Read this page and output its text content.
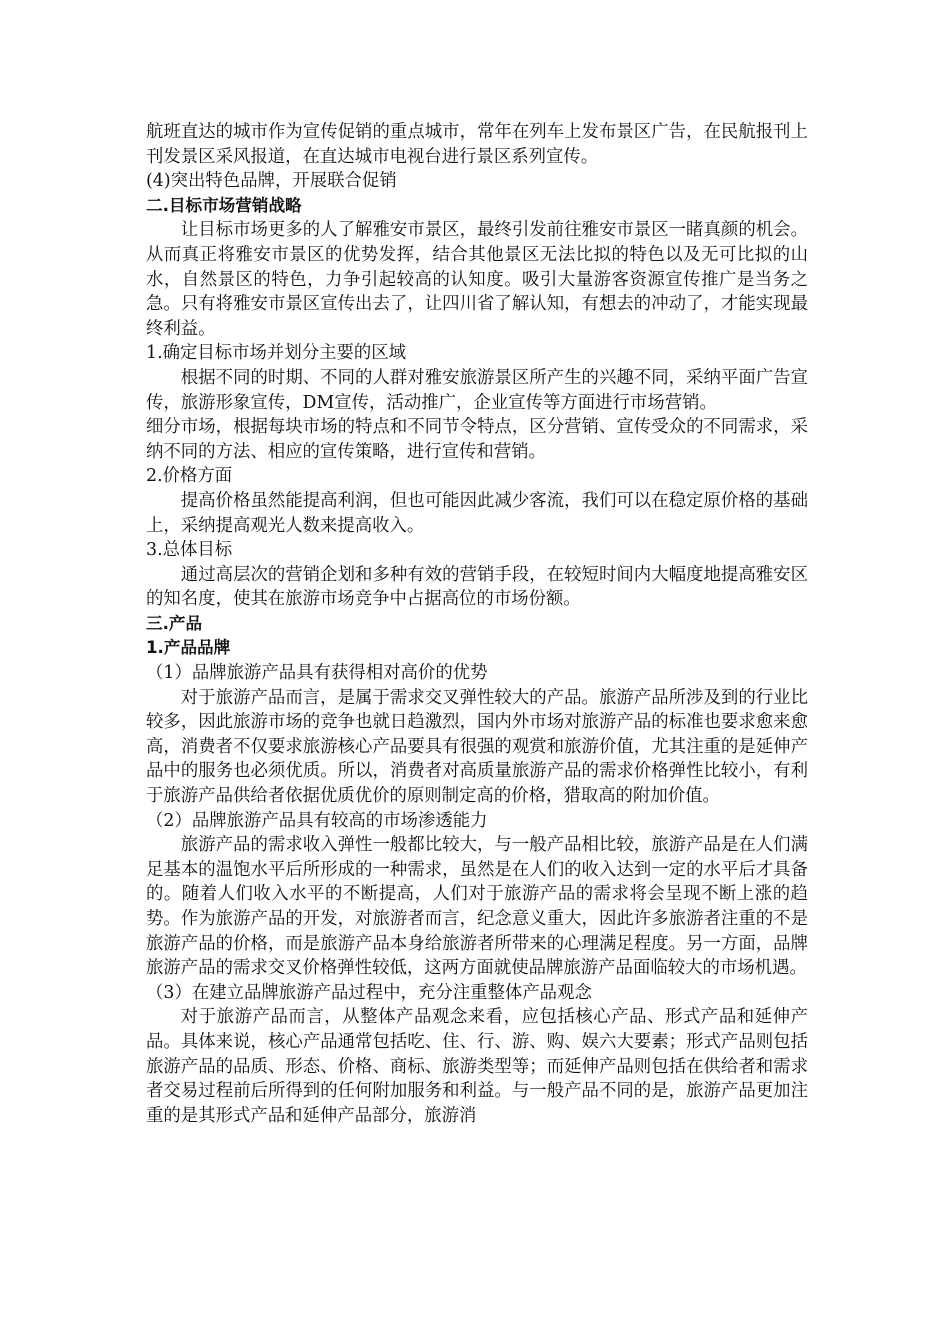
航班直达的城市作为宣传促销的重点城市，常年在列车上发布景区广告，在民航报刊上刊发景区采风报道，在直达城市电视台进行景区系列宣传。

(4)突出特色品牌，开展联合促销

二.目标市场营销战略

让目标市场更多的人了解雅安市景区，最终引发前往雅安市景区一睹真颜的机会。从而真正将雅安市景区的优势发挥，结合其他景区无法比拟的特色以及无可比拟的山水，自然景区的特色，力争引起较高的认知度。吸引大量游客资源宣传推广是当务之急。只有将雅安市景区宣传出去了，让四川省了解认知，有想去的冲动了，才能实现最终利益。

1.确定目标市场并划分主要的区域

根据不同的时期、不同的人群对雅安旅游景区所产生的兴趣不同，采纳平面广告宣传，旅游形象宣传，DM宣传，活动推广，企业宣传等方面进行市场营销。

细分市场，根据每块市场的特点和不同节令特点，区分营销、宣传受众的不同需求，采纳不同的方法、相应的宣传策略，进行宣传和营销。

2.价格方面

提高价格虽然能提高利润，但也可能因此减少客流，我们可以在稳定原价格的基础上，采纳提高观光人数来提高收入。

3.总体目标

通过高层次的营销企划和多种有效的营销手段，在较短时间内大幅度地提高雅安区的知名度，使其在旅游市场竞争中占据高位的市场份额。

三.产品

1.产品品牌

（1）品牌旅游产品具有获得相对高价的优势

对于旅游产品而言，是属于需求交叉弹性较大的产品。旅游产品所涉及到的行业比较多，因此旅游市场的竞争也就日趋激烈，国内外市场对旅游产品的标准也要求愈来愈高，消费者不仅要求旅游核心产品要具有很强的观赏和旅游价值，尤其注重的是延伸产品中的服务也必须优质。所以，消费者对高质量旅游产品的需求价格弹性比较小，有利于旅游产品供给者依据优质优价的原则制定高的价格，猎取高的附加价值。

（2）品牌旅游产品具有较高的市场渗透能力

旅游产品的需求收入弹性一般都比较大，与一般产品相比较，旅游产品是在人们满足基本的温饱水平后所形成的一种需求，虽然是在人们的收入达到一定的水平后才具备的。随着人们收入水平的不断提高，人们对于旅游产品的需求将会呈现不断上涨的趋势。作为旅游产品的开发，对旅游者而言，纪念意义重大，因此许多旅游者注重的不是旅游产品的价格，而是旅游产品本身给旅游者所带来的心理满足程度。另一方面，品牌旅游产品的需求交叉价格弹性较低，这两方面就使品牌旅游产品面临较大的市场机遇。

（3）在建立品牌旅游产品过程中，充分注重整体产品观念

对于旅游产品而言，从整体产品观念来看，应包括核心产品、形式产品和延伸产品。具体来说，核心产品通常包括吃、住、行、游、购、娱六大要素；形式产品则包括旅游产品的品质、形态、价格、商标、旅游类型等；而延伸产品则包括在供给者和需求者交易过程前后所得到的任何附加服务和利益。与一般产品不同的是，旅游产品更加注重的是其形式产品和延伸产品部分，旅游消
